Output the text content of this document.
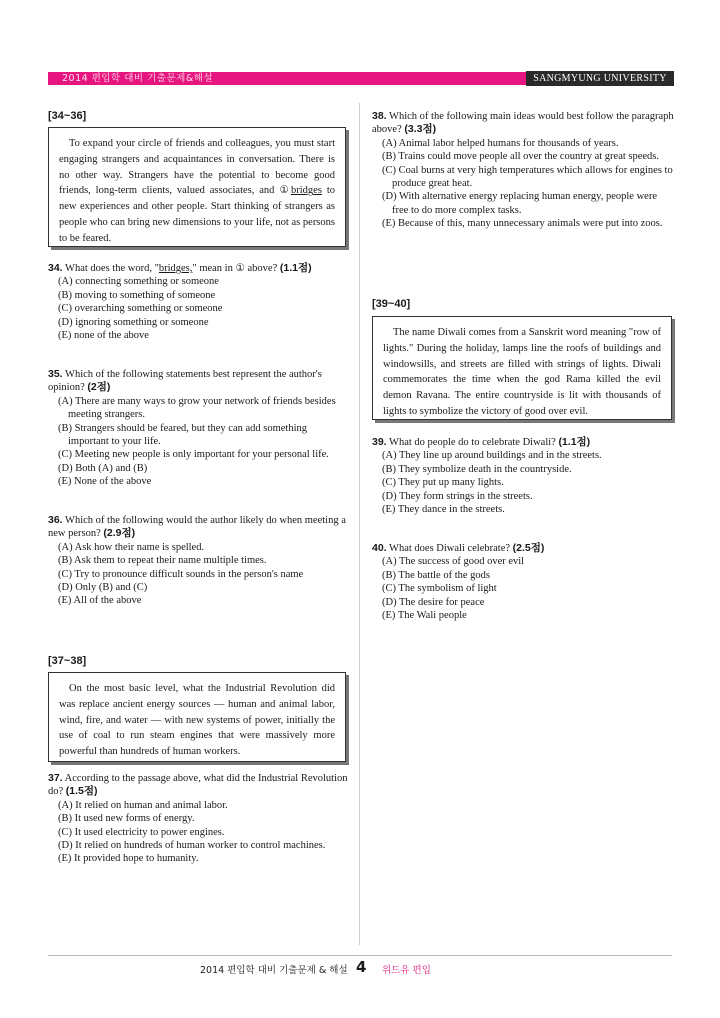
2014 편입학 대비 기출문제&해설	SANGMYUNG UNIVERSITY
[34~36]

To expand your circle of friends and colleagues, you must start engaging strangers and acquaintances in conversation. There is no other way. Strangers have the potential to become good friends, long-term clients, valued associates, and ①bridges to new experiences and other people. Start thinking of strangers as people who can bring new dimensions to your life, not as persons to be feared.

34. What does the word, "bridges," mean in ① above? (1.1점)
(A) connecting something or someone
(B) moving to something of someone
(C) overarching something or someone
(D) ignoring something or someone
(E) none of the above
35. Which of the following statements best represent the author's opinion? (2점)
(A) There are many ways to grow your network of friends besides meeting strangers.
(B) Strangers should be feared, but they can add something important to your life.
(C) Meeting new people is only important for your personal life.
(D) Both (A) and (B)
(E) None of the above
36. Which of the following would the author likely do when meeting a new person? (2.9점)
(A) Ask how their name is spelled.
(B) Ask them to repeat their name multiple times.
(C) Try to pronounce difficult sounds in the person's name
(D) Only (B) and (C)
(E) All of the above
[37~38]

On the most basic level, what the Industrial Revolution did was replace ancient energy sources — human and animal labor, wind, fire, and water — with new systems of power, initially the use of coal to run steam engines that were massively more powerful than hundreds of human workers.

37. According to the passage above, what did the Industrial Revolution do? (1.5점)
(A) It relied on human and animal labor.
(B) It used new forms of energy.
(C) It used electricity to power engines.
(D) It relied on hundreds of human worker to control machines.
(E) It provided hope to humanity.
38. Which of the following main ideas would best follow the paragraph above? (3.3점)
(A) Animal labor helped humans for thousands of years.
(B) Trains could move people all over the country at great speeds.
(C) Coal burns at very high temperatures which allows for engines to produce great heat.
(D) With alternative energy replacing human energy, people were free to do more complex tasks.
(E) Because of this, many unnecessary animals were put into zoos.
[39~40]

The name Diwali comes from a Sanskrit word meaning "row of lights." During the holiday, lamps line the roofs of buildings and windowsills, and streets are filled with strings of lights. Diwali commemorates the time when the god Rama killed the evil demon Ravana. The entire countryside is lit with thousands of lights to symbolize the victory of good over evil.

39. What do people do to celebrate Diwali? (1.1점)
(A) They line up around buildings and in the streets.
(B) They symbolize death in the countryside.
(C) They put up many lights.
(D) They form strings in the streets.
(E) They dance in the streets.
40. What does Diwali celebrate? (2.5점)
(A) The success of good over evil
(B) The battle of the gods
(C) The symbolism of light
(D) The desire for peace
(E) The Wali people
2014 편입학 대비 기출문제 & 해설 4 위드유 편입
